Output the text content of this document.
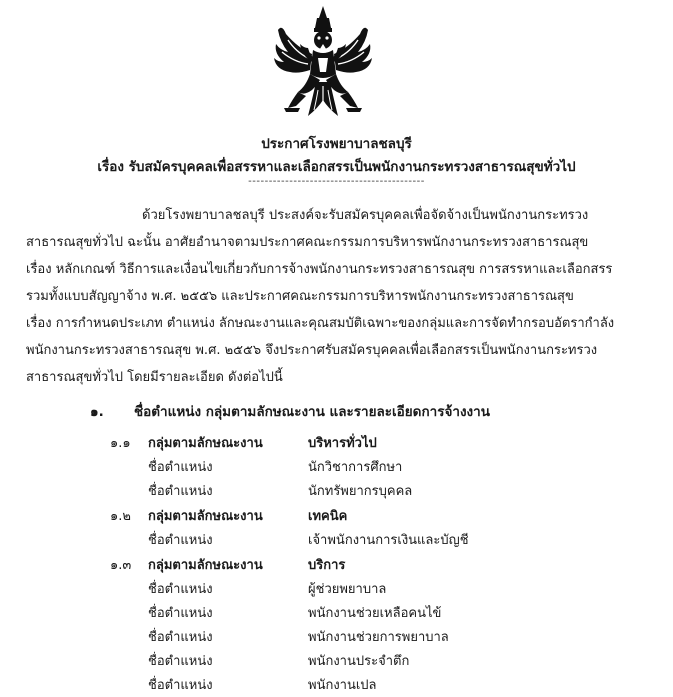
ประกาศโรงพยาบาลชลบุรี
เรื่อง รับสมัครบุคคลเพื่อสรรหาและเลือกสรรเป็นพนักงานกระทรวงสาธารณสุขทั่วไป
-------------------------------------------
ด้วยโรงพยาบาลชลบุรี ประสงค์จะรับสมัครบุคคลเพื่อจัดจ้างเป็นพนักงานกระทรวง
สาธารณสุขทั่วไป ฉะนั้น อาศัยอำนาจตามประกาศคณะกรรมการบริหารพนักงานกระทรวงสาธารณสุข
เรื่อง หลักเกณฑ์ วิธีการและเงื่อนไขเกี่ยวกับการจ้างพนักงานกระทรวงสาธารณสุข การสรรหาและเลือกสรร
รวมทั้งแบบสัญญาจ้าง พ.ศ. ๒๕๕๖ และประกาศคณะกรรมการบริหารพนักงานกระทรวงสาธารณสุข
เรื่อง การกำหนดประเภท ตำแหน่ง ลักษณะงานและคุณสมบัติเฉพาะของกลุ่มและการจัดทำกรอบอัตรากำลัง
พนักงานกระทรวงสาธารณสุข พ.ศ. ๒๕๕๖ จึงประกาศรับสมัครบุคคลเพื่อเลือกสรรเป็นพนักงานกระทรวง
สาธารณสุขทั่วไป โดยมีรายละเอียด ดังต่อไปนี้
๑. ชื่อตำแหน่ง กลุ่มตามลักษณะงาน และรายละเอียดการจ้างงาน
๑.๑ กลุ่มตามลักษณะงาน	บริหารทั่วไป
ชื่อตำแหน่ง	นักวิชาการศึกษา
ชื่อตำแหน่ง	นักทรัพยากรบุคคล
๑.๒ กลุ่มตามลักษณะงาน	เทคนิค
ชื่อตำแหน่ง	เจ้าพนักงานการเงินและบัญชี
๑.๓ กลุ่มตามลักษณะงาน	บริการ
ชื่อตำแหน่ง	ผู้ช่วยพยาบาล
ชื่อตำแหน่ง	พนักงานช่วยเหลือคนไข้
ชื่อตำแหน่ง	พนักงานช่วยการพยาบาล
ชื่อตำแหน่ง	พนักงานประจำตึก
ชื่อตำแหน่ง	พนักงานเปล
